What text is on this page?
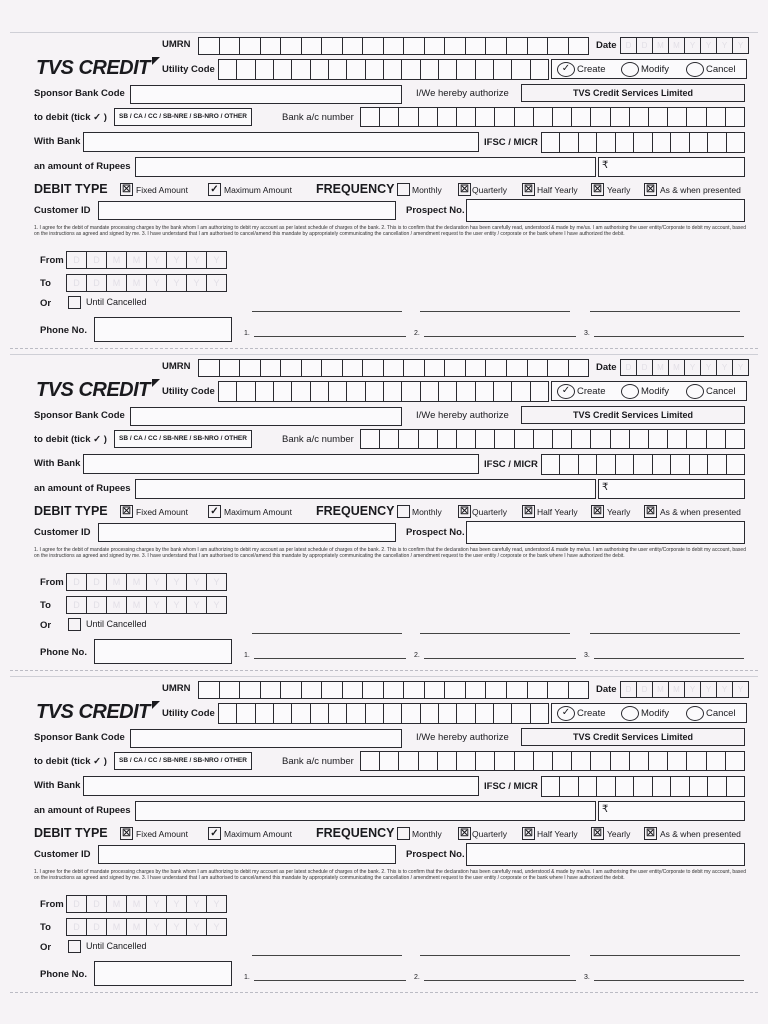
TVS CREDIT
UMRN	Date	D	D	M	M	Y	Y	Y	Y
Utility Code	✓ Create	Modify	Cancel
Sponsor Bank Code	I/We hereby authorize	TVS Credit Services Limited
to debit (tick ✓ )	SB / CA / CC / SB-NRE / SB-NRO / OTHER	Bank a/c number
With Bank	IFSC / MICR
an amount of Rupees	₹
DEBIT TYPE ☒ Fixed Amount ✓ Maximum Amount FREQUENCY Monthly ☒ Quarterly ☒ Half Yearly ☒ Yearly ☒ As & when presented
Customer ID	Prospect No.
1. I agree for the debit of mandate processing charges by the bank whom I am authorizing to debit my account as per latest schedule of charges of the bank. 2. This is to confirm that the declaration has been carefully read, understood & made by me/us. I am authorising the user entity/Corporate to debit my account, based on the instructions as agreed and signed by me. 3. I have understand that I am authorised to cancel/amend this mandate by appropriately communicating the cancellation / amendment request to the user entity / corporate or the bank where I have authorized the debit.
From	D	D	M	M	Y	Y	Y	Y
To	D	D	M	M	Y	Y	Y	Y
Or	Until Cancelled
Phone No.	1.	2.	3.
TVS CREDIT
UMRN	Date	D	D	M	M	Y	Y	Y	Y
Utility Code	✓ Create	Modify	Cancel
Sponsor Bank Code	I/We hereby authorize	TVS Credit Services Limited
to debit (tick ✓ )	SB / CA / CC / SB-NRE / SB-NRO / OTHER	Bank a/c number
With Bank	IFSC / MICR
an amount of Rupees	₹
DEBIT TYPE ☒ Fixed Amount ✓ Maximum Amount FREQUENCY Monthly ☒ Quarterly ☒ Half Yearly ☒ Yearly ☒ As & when presented
Customer ID	Prospect No.
1. I agree for the debit of mandate processing charges by the bank whom I am authorizing to debit my account as per latest schedule of charges of the bank. 2. This is to confirm that the declaration has been carefully read, understood & made by me/us. I am authorising the user entity/Corporate to debit my account, based on the instructions as agreed and signed by me. 3. I have understand that I am authorised to cancel/amend this mandate by appropriately communicating the cancellation / amendment request to the user entity / corporate or the bank where I have authorized the debit.
From	D	D	M	M	Y	Y	Y	Y
To	D	D	M	M	Y	Y	Y	Y
Or	Until Cancelled
Phone No.	1.	2.	3.
TVS CREDIT
UMRN	Date	D	D	M	M	Y	Y	Y	Y
Utility Code	✓ Create	Modify	Cancel
Sponsor Bank Code	I/We hereby authorize	TVS Credit Services Limited
to debit (tick ✓ )	SB / CA / CC / SB-NRE / SB-NRO / OTHER	Bank a/c number
With Bank	IFSC / MICR
an amount of Rupees	₹
DEBIT TYPE ☒ Fixed Amount ✓ Maximum Amount FREQUENCY Monthly ☒ Quarterly ☒ Half Yearly ☒ Yearly ☒ As & when presented
Customer ID	Prospect No.
1. I agree for the debit of mandate processing charges by the bank whom I am authorizing to debit my account as per latest schedule of charges of the bank. 2. This is to confirm that the declaration has been carefully read, understood & made by me/us. I am authorising the user entity/Corporate to debit my account, based on the instructions as agreed and signed by me. 3. I have understand that I am authorised to cancel/amend this mandate by appropriately communicating the cancellation / amendment request to the user entity / corporate or the bank where I have authorized the debit.
From	D	D	M	M	Y	Y	Y	Y
To	D	D	M	M	Y	Y	Y	Y
Or	Until Cancelled
Phone No.	1.	2.	3.
